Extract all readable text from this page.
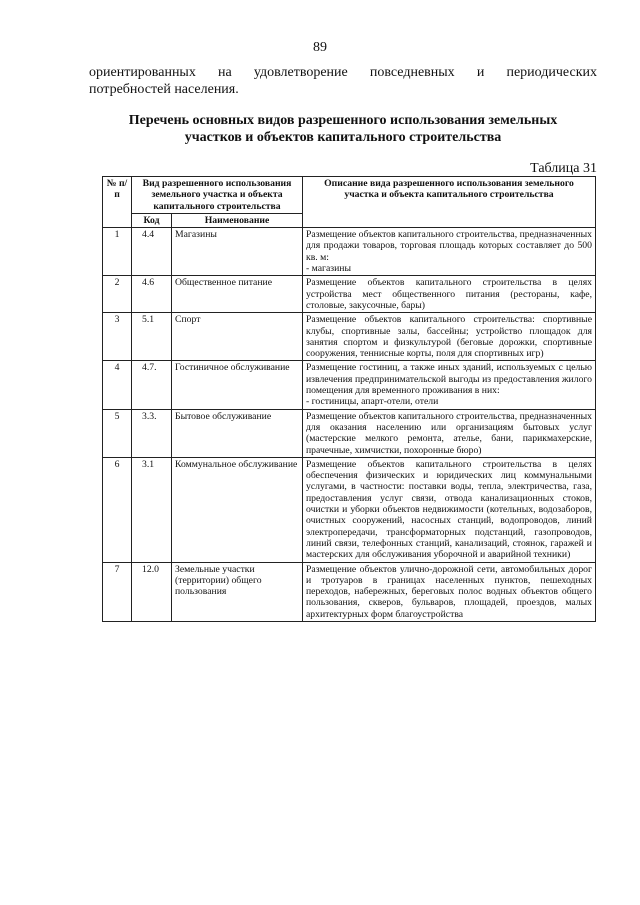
89
ориентированных на удовлетворение повседневных и периодических
потребностей населения.
Перечень основных видов разрешенного использования земельных
участков и объектов капитального строительства
Таблица 31
№ п/п	Вид разрешенного использования земельного участка и объекта капитального строительства		Описание вида разрешенного использования земельного участка и объекта капитального строительства
	Код	Наименование	
1	4.4	Магазины	Размещение объектов капитального строительства, предназначенных для продажи товаров, торговая площадь которых составляет до 500 кв. м:
- магазины

2	4.6	Общественное питание	Размещение объектов капитального строительства в целях устройства мест общественного питания (рестораны, кафе, столовые, закусочные, бары)

3	5.1	Спорт	Размещение объектов капитального строительства: спортивные клубы, спортивные залы, бассейны; устройство площадок для занятия спортом и физкультурой (беговые дорожки, спортивные сооружения, теннисные корты, поля для спортивных игр)

4	4.7.	Гостиничное обслуживание	Размещение гостиниц, а также иных зданий, используемых с целью извлечения предпринимательской выгоды из предоставления жилого помещения для временного проживания в них:
- гостиницы, апарт-отели, отели

5	3.3.	Бытовое обслуживание	Размещение объектов капитального строительства, предназначенных для оказания населению или организациям бытовых услуг (мастерские мелкого ремонта, ателье, бани, парикмахерские, прачечные, химчистки, похоронные бюро)

6	3.1	Коммунальное обслуживание	Размещение объектов капитального строительства в целях обеспечения физических и юридических лиц коммунальными услугами, в частности: поставки воды, тепла, электричества, газа, предоставления услуг связи, отвода канализационных стоков, очистки и уборки объектов недвижимости (котельных, водозаборов, очистных сооружений, насосных станций, водопроводов, линий электропередачи, трансформаторных подстанций, газопроводов, линий связи, телефонных станций, канализаций, стоянок, гаражей и мастерских для обслуживания уборочной и аварийной техники)

7	12.0	Земельные участки (территории) общего пользования	Размещение объектов улично-дорожной сети, автомобильных дорог и тротуаров в границах населенных пунктов, пешеходных переходов, набережных, береговых полос водных объектов общего пользования, скверов, бульваров, площадей, проездов, малых архитектурных форм благоустройства
